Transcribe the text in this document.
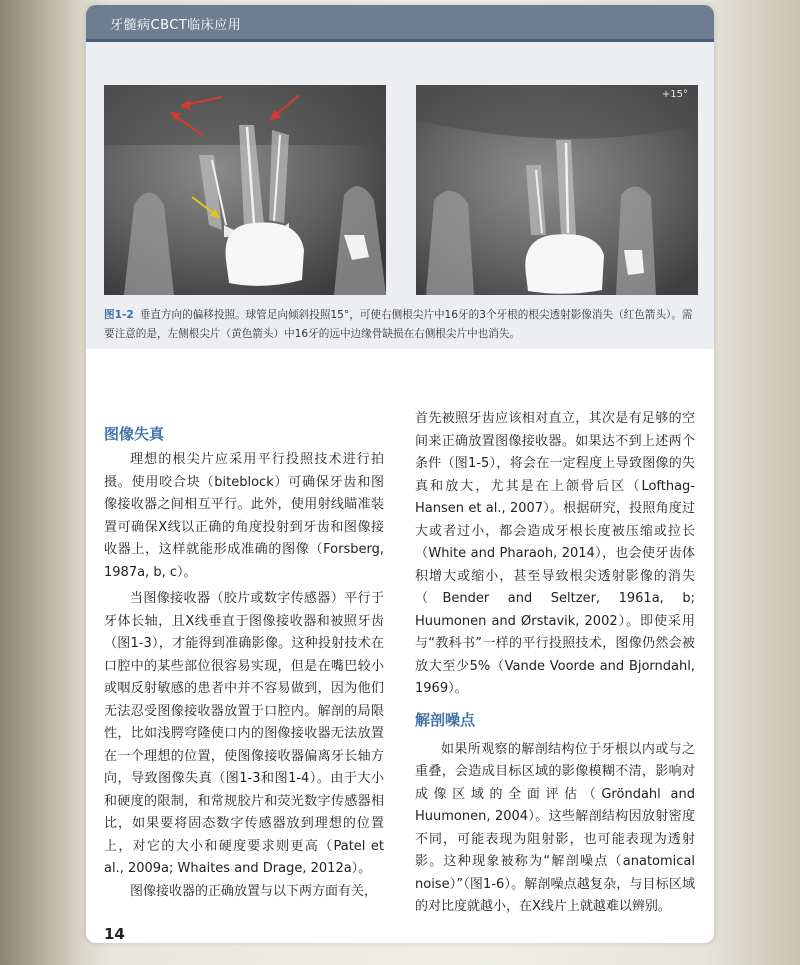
牙髓病CBCT临床应用
+15°
图1-2 垂直方向的偏移投照。球管足向倾斜投照15°，可使右侧根尖片中16牙的3个牙根的根尖透射影像消失（红色箭头）。需要注意的是，左侧根尖片（黄色箭头）中16牙的远中边缘骨缺损在右侧根尖片中也消失。
图像失真

理想的根尖片应采用平行投照技术进行拍摄。使用咬合块（biteblock）可确保牙齿和图像接收器之间相互平行。此外，使用射线瞄准装置可确保X线以正确的角度投射到牙齿和图像接收器上，这样就能形成准确的图像（Forsberg, 1987a, b, c）。

当图像接收器（胶片或数字传感器）平行于牙体长轴，且X线垂直于图像接收器和被照牙齿（图1-3），才能得到准确影像。这种投射技术在口腔中的某些部位很容易实现，但是在嘴巴较小或咽反射敏感的患者中并不容易做到，因为他们无法忍受图像接收器放置于口腔内。解剖的局限性，比如浅腭穹隆使口内的图像接收器无法放置在一个理想的位置，使图像接收器偏离牙长轴方向，导致图像失真（图1-3和图1-4）。由于大小和硬度的限制，和常规胶片和荧光数字传感器相比，如果要将固态数字传感器放到理想的位置上，对它的大小和硬度要求则更高（Patel et al., 2009a; Whaites and Drage, 2012a）。

图像接收器的正确放置与以下两方面有关，

首先被照牙齿应该相对直立，其次是有足够的空间来正确放置图像接收器。如果达不到上述两个条件（图1-5），将会在一定程度上导致图像的失真和放大，尤其是在上颌骨后区（Lofthag-Hansen et al., 2007）。根据研究，投照角度过大或者过小，都会造成牙根长度被压缩或拉长（White and Pharaoh, 2014），也会使牙齿体积增大或缩小，甚至导致根尖透射影像的消失（Bender and Seltzer, 1961a, b; Huumonen and Ørstavik, 2002）。即使采用与“教科书”一样的平行投照技术，图像仍然会被放大至少5%（Vande Voorde and Bjorndahl, 1969）。

解剖噪点

如果所观察的解剖结构位于牙根以内或与之重叠，会造成目标区域的影像模糊不清，影响对成像区域的全面评估（Gröndahl and Huumonen, 2004）。这些解剖结构因放射密度不同，可能表现为阻射影，也可能表现为透射影。这种现象被称为“解剖噪点（anatomical noise）”（图1-6）。解剖噪点越复杂，与目标区域的对比度就越小，在X线片上就越难以辨别。

14
